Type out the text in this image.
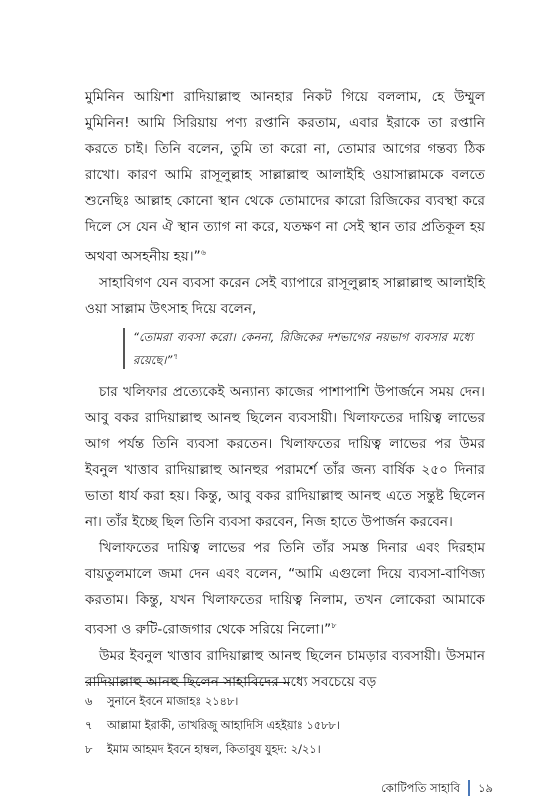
মুমিনিন আয়িশা রাদিয়াল্লাহু আনহার নিকট গিয়ে বললাম, হে উম্মুল মুমিনিন! আমি সিরিয়ায় পণ্য রপ্তানি করতাম, এবার ইরাকে তা রপ্তানি করতে চাই। তিনি বলেন, তুমি তা করো না, তোমার আগের গন্তব্য ঠিক রাখো। কারণ আমি রাসূলুল্লাহ সাল্লাল্লাহু আলাইহি ওয়াসাল্লামকে বলতে শুনেছিঃ আল্লাহ কোনো স্থান থেকে তোমাদের কারো রিজিকের ব্যবস্থা করে দিলে সে যেন ঐ স্থান ত্যাগ না করে, যতক্ষণ না সেই স্থান তার প্রতিকূল হয় অথবা অসহনীয় হয়।”$^৬$

সাহাবিগণ যেন ব্যবসা করেন সেই ব্যাপারে রাসূলুল্লাহ সাল্লাল্লাহু আলাইহি ওয়া সাল্লাম উৎসাহ দিয়ে বলেন,

“তোমরা ব্যবসা করো। কেননা, রিজিকের দশভাগের নয়ভাগ ব্যবসার মধ্যে রয়েছে।”$^৭$

চার খলিফার প্রত্যেকেই অন্যান্য কাজের পাশাপাশি উপার্জনে সময় দেন। আবু বকর রাদিয়াল্লাহু আনহু ছিলেন ব্যবসায়ী। খিলাফতের দায়িত্ব লাভের আগ পর্যন্ত তিনি ব্যবসা করতেন। খিলাফতের দায়িত্ব লাভের পর উমর ইবনুল খাত্তাব রাদিয়াল্লাহু আনহুর পরামর্শে তাঁর জন্য বার্ষিক ২৫০ দিনার ভাতা ধার্য করা হয়। কিন্তু, আবু বকর রাদিয়াল্লাহু আনহু এতে সন্তুষ্ট ছিলেন না। তাঁর ইচ্ছে ছিল তিনি ব্যবসা করবেন, নিজ হাতে উপার্জন করবেন।

খিলাফতের দায়িত্ব লাভের পর তিনি তাঁর সমস্ত দিনার এবং দিরহাম বায়তুলমালে জমা দেন এবং বলেন, “আমি এগুলো দিয়ে ব্যবসা-বাণিজ্য করতাম। কিন্তু, যখন খিলাফতের দায়িত্ব নিলাম, তখন লোকেরা আমাকে ব্যবসা ও রুটি-রোজগার থেকে সরিয়ে নিলো।”$^৮$

উমর ইবনুল খাত্তাব রাদিয়াল্লাহু আনহু ছিলেন চামড়ার ব্যবসায়ী। উসমান রাদিয়াল্লাহু আনহু ছিলেন সাহাবিদের মধ্যে সবচেয়ে বড়

৬ সুনানে ইবনে মাজাহঃ ২১৪৮।
৭ আল্লামা ইরাকী, তাখরিজু আহাদিসি এহইয়াঃ ১৫৮৮।
৮ ইমাম আহমদ ইবনে হাম্বল, কিতাবুয যুহদ: ২/২১।
কোটিপতি সাহাবি ১৯
